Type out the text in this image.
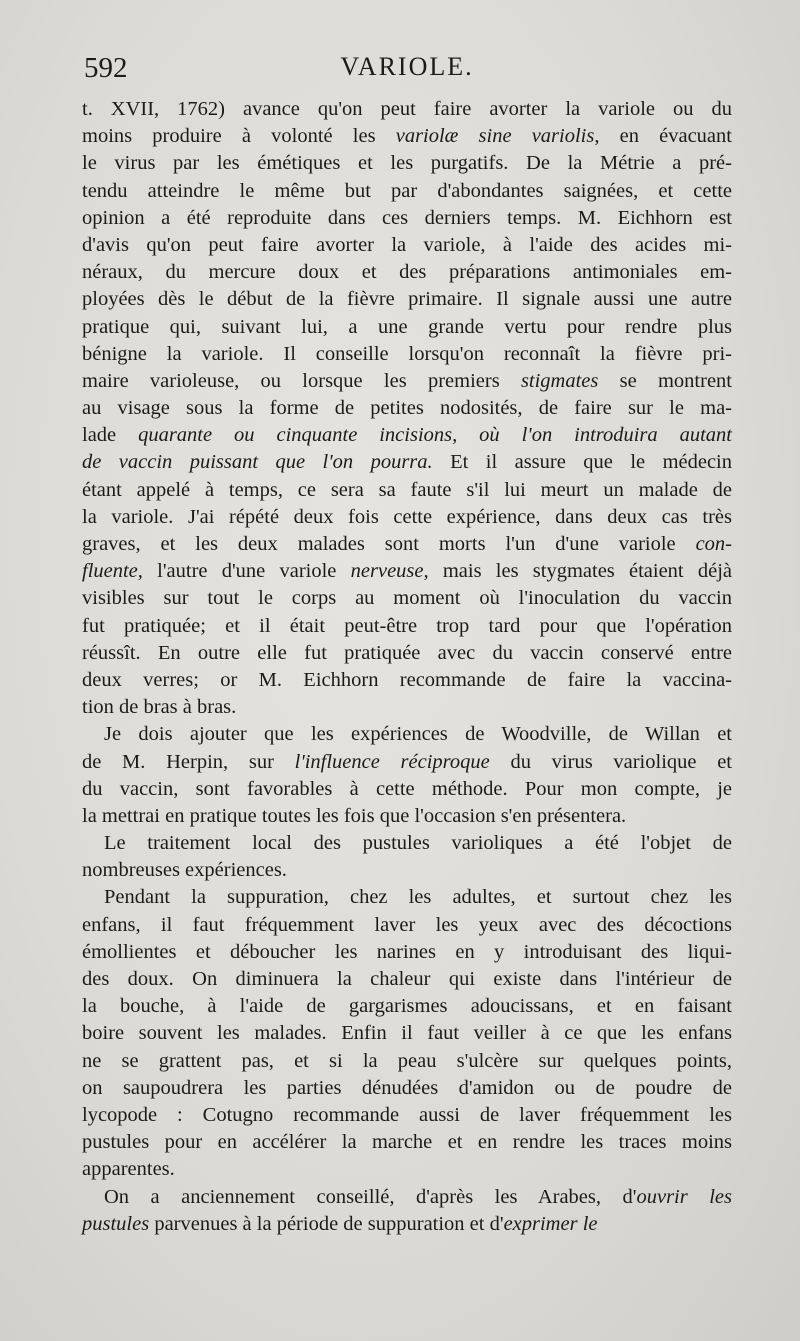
592	VARIOLE.
t. XVII, 1762) avance qu'on peut faire avorter la variole ou du
moins produire à volonté les variolæ sine variolis, en évacuant
le virus par les émétiques et les purgatifs. De la Métrie a pré-
tendu atteindre le même but par d'abondantes saignées, et cette
opinion a été reproduite dans ces derniers temps. M. Eichhorn est
d'avis qu'on peut faire avorter la variole, à l'aide des acides mi-
néraux, du mercure doux et des préparations antimoniales em-
ployées dès le début de la fièvre primaire. Il signale aussi une autre
pratique qui, suivant lui, a une grande vertu pour rendre plus
bénigne la variole. Il conseille lorsqu'on reconnaît la fièvre pri-
maire varioleuse, ou lorsque les premiers stigmates se montrent
au visage sous la forme de petites nodosités, de faire sur le ma-
lade quarante ou cinquante incisions, où l'on introduira autant
de vaccin puissant que l'on pourra. Et il assure que le médecin
étant appelé à temps, ce sera sa faute s'il lui meurt un malade de
la variole. J'ai répété deux fois cette expérience, dans deux cas très
graves, et les deux malades sont morts l'un d'une variole con-
fluente, l'autre d'une variole nerveuse, mais les stygmates étaient déjà
visibles sur tout le corps au moment où l'inoculation du vaccin
fut pratiquée; et il était peut-être trop tard pour que l'opération
réussît. En outre elle fut pratiquée avec du vaccin conservé entre
deux verres; or M. Eichhorn recommande de faire la vaccina-
tion de bras à bras.
Je dois ajouter que les expériences de Woodville, de Willan et
de M. Herpin, sur l'influence réciproque du virus variolique et
du vaccin, sont favorables à cette méthode. Pour mon compte, je
la mettrai en pratique toutes les fois que l'occasion s'en présentera.
Le traitement local des pustules varioliques a été l'objet de
nombreuses expériences.
Pendant la suppuration, chez les adultes, et surtout chez les
enfans, il faut fréquemment laver les yeux avec des décoctions
émollientes et déboucher les narines en y introduisant des liqui-
des doux. On diminuera la chaleur qui existe dans l'intérieur de
la bouche, à l'aide de gargarismes adoucissans, et en faisant
boire souvent les malades. Enfin il faut veiller à ce que les enfans
ne se grattent pas, et si la peau s'ulcère sur quelques points,
on saupoudrera les parties dénudées d'amidon ou de poudre de
lycopode : Cotugno recommande aussi de laver fréquemment les
pustules pour en accélérer la marche et en rendre les traces moins
apparentes.
On a anciennement conseillé, d'après les Arabes, d'ouvrir les
pustules parvenues à la période de suppuration et d'exprimer le
